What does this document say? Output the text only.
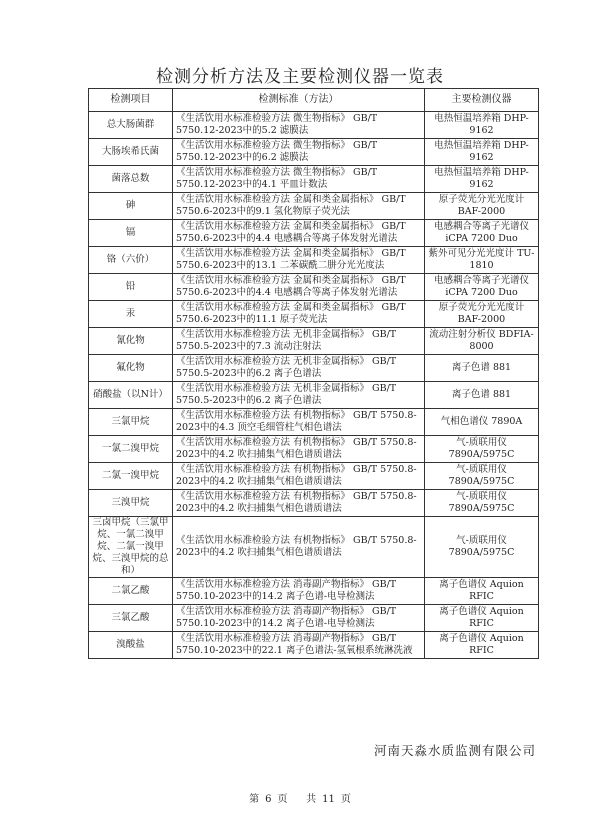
检测分析方法及主要检测仪器一览表
检测项目	检测标准（方法）	主要检测仪器
总大肠菌群	《生活饮用水标准检验方法 微生物指标》 GB/T 5750.12-2023中的5.2 滤膜法	电热恒温培养箱 DHP-9162
大肠埃希氏菌	《生活饮用水标准检验方法 微生物指标》 GB/T 5750.12-2023中的6.2 滤膜法	电热恒温培养箱 DHP-9162
菌落总数	《生活饮用水标准检验方法 微生物指标》 GB/T 5750.12-2023中的4.1 平皿计数法	电热恒温培养箱 DHP-9162
砷	《生活饮用水标准检验方法 金属和类金属指标》 GB/T 5750.6-2023中的9.1 氢化物原子荧光法	原子荧光分光光度计 BAF-2000
镉	《生活饮用水标准检验方法 金属和类金属指标》 GB/T 5750.6-2023中的4.4 电感耦合等离子体发射光谱法	电感耦合等离子光谱仪 iCPA 7200 Duo
铬（六价）	《生活饮用水标准检验方法 金属和类金属指标》 GB/T 5750.6-2023中的13.1 二苯碳酰二肼分光光度法	紫外可见分光光度计 TU-1810
铅	《生活饮用水标准检验方法 金属和类金属指标》 GB/T 5750.6-2023中的4.4 电感耦合等离子体发射光谱法	电感耦合等离子光谱仪 iCPA 7200 Duo
汞	《生活饮用水标准检验方法 金属和类金属指标》 GB/T 5750.6-2023中的11.1 原子荧光法	原子荧光分光光度计 BAF-2000
氰化物	《生活饮用水标准检验方法 无机非金属指标》 GB/T 5750.5-2023中的7.3 流动注射法	流动注射分析仪 BDFIA-8000
氟化物	《生活饮用水标准检验方法 无机非金属指标》 GB/T 5750.5-2023中的6.2 离子色谱法	离子色谱 881
硝酸盐（以N计）	《生活饮用水标准检验方法 无机非金属指标》 GB/T 5750.5-2023中的6.2 离子色谱法	离子色谱 881
三氯甲烷	《生活饮用水标准检验方法 有机物指标》 GB/T 5750.8-2023中的4.3 顶空毛细管柱气相色谱法	气相色谱仪 7890A
一氯二溴甲烷	《生活饮用水标准检验方法 有机物指标》 GB/T 5750.8-2023中的4.2 吹扫捕集气相色谱质谱法	气-质联用仪 7890A/5975C
二氯一溴甲烷	《生活饮用水标准检验方法 有机物指标》 GB/T 5750.8-2023中的4.2 吹扫捕集气相色谱质谱法	气-质联用仪 7890A/5975C
三溴甲烷	《生活饮用水标准检验方法 有机物指标》 GB/T 5750.8-2023中的4.2 吹扫捕集气相色谱质谱法	气-质联用仪 7890A/5975C
三卤甲烷（三氯甲烷、一氯二溴甲烷、二氯一溴甲烷、三溴甲烷的总和）	《生活饮用水标准检验方法 有机物指标》 GB/T 5750.8-2023中的4.2 吹扫捕集气相色谱质谱法	气-质联用仪 7890A/5975C
二氯乙酸	《生活饮用水标准检验方法 消毒副产物指标》 GB/T 5750.10-2023中的14.2 离子色谱-电导检测法	离子色谱仪 Aquion RFIC
三氯乙酸	《生活饮用水标准检验方法 消毒副产物指标》 GB/T 5750.10-2023中的14.2 离子色谱-电导检测法	离子色谱仪 Aquion RFIC
溴酸盐	《生活饮用水标准检验方法 消毒副产物指标》 GB/T 5750.10-2023中的22.1 离子色谱法-氢氧根系统淋洗液	离子色谱仪 Aquion RFIC
河南天淼水质监测有限公司
第 6 页 共 11 页
